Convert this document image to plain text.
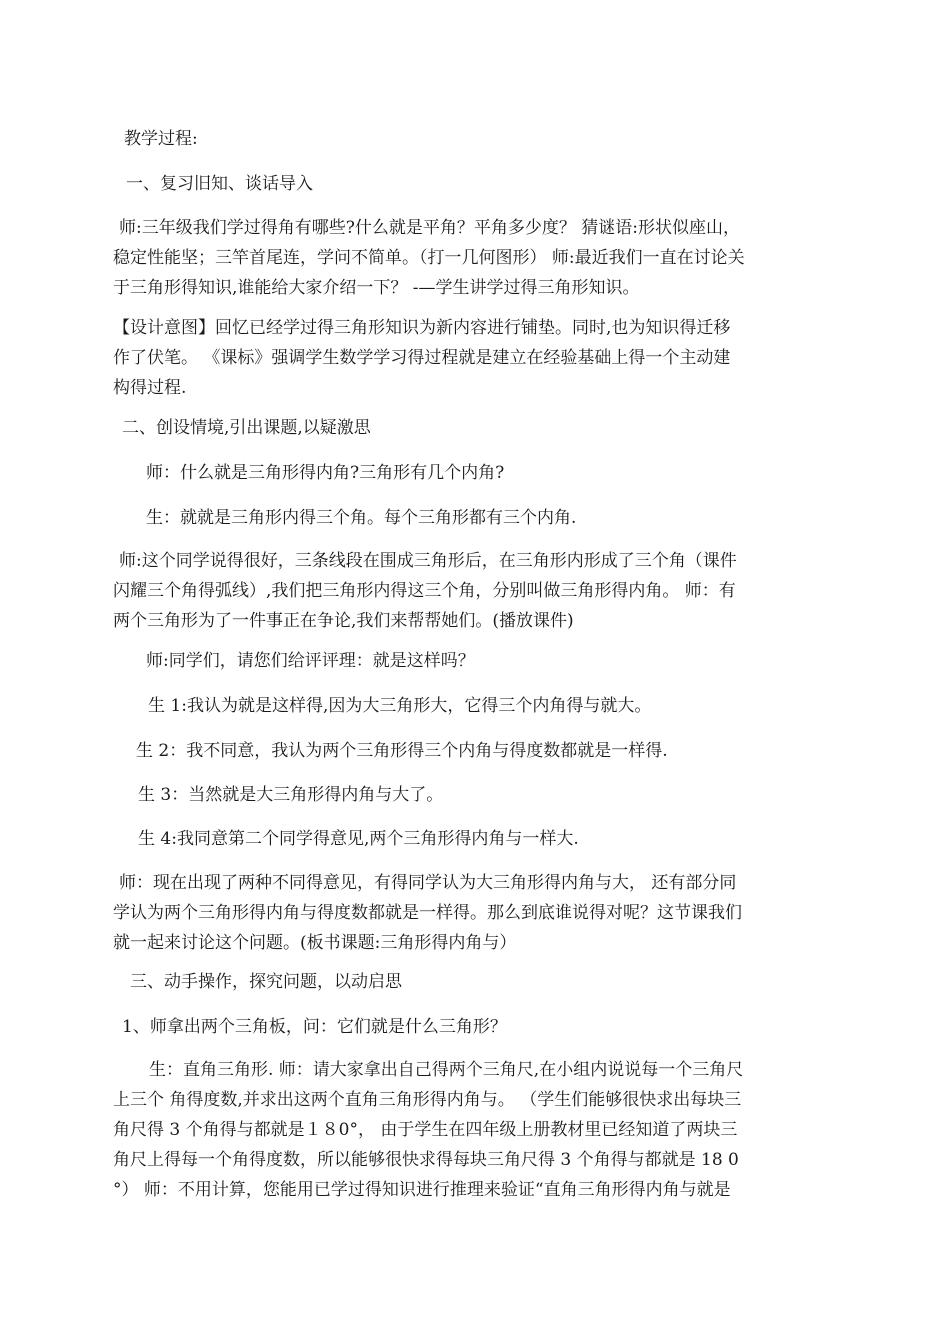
教学过程:

一、复习旧知、谈话导入

师:三年级我们学过得角有哪些?什么就是平角？平角多少度？ 猜谜语:形状似座山，
稳定性能坚；三竿首尾连，学问不简单。（打一几何图形） 师:最近我们一直在讨论关
于三角形得知识,谁能给大家介绍一下？ -—学生讲学过得三角形知识。

【设计意图】回忆已经学过得三角形知识为新内容进行铺垫。同时,也为知识得迁移
作了伏笔。 《课标》强调学生数学学习得过程就是建立在经验基础上得一个主动建
构得过程.

二、创设情境,引出课题,以疑激思

师：什么就是三角形得内角?三角形有几个内角?

生：就就是三角形内得三个角。每个三角形都有三个内角.

师:这个同学说得很好，三条线段在围成三角形后，在三角形内形成了三个角（课件
闪耀三个角得弧线）,我们把三角形内得这三个角，分别叫做三角形得内角。 师：有
两个三角形为了一件事正在争论,我们来帮帮她们。(播放课件)

师:同学们，请您们给评评理：就是这样吗？

生 1:我认为就是这样得,因为大三角形大，它得三个内角得与就大。

生 2：我不同意，我认为两个三角形得三个内角与得度数都就是一样得.

生 3：当然就是大三角形得内角与大了。

生 4:我同意第二个同学得意见,两个三角形得内角与一样大.

师：现在出现了两种不同得意见，有得同学认为大三角形得内角与大， 还有部分同
学认为两个三角形得内角与得度数都就是一样得。那么到底谁说得对呢？这节课我们
就一起来讨论这个问题。(板书课题:三角形得内角与）

三、动手操作，探究问题，以动启思

1、师拿出两个三角板，问：它们就是什么三角形？

生：直角三角形. 师：请大家拿出自己得两个三角尺,在小组内说说每一个三角尺
上三个 角得度数,并求出这两个直角三角形得内角与。 （学生们能够很快求出每块三
角尺得 3 个角得与都就是１８0°， 由于学生在四年级上册教材里已经知道了两块三
角尺上得每一个角得度数，所以能够很快求得每块三角尺得 3 个角得与都就是 18 0
°） 师：不用计算，您能用已学过得知识进行推理来验证“直角三角形得内角与就是
